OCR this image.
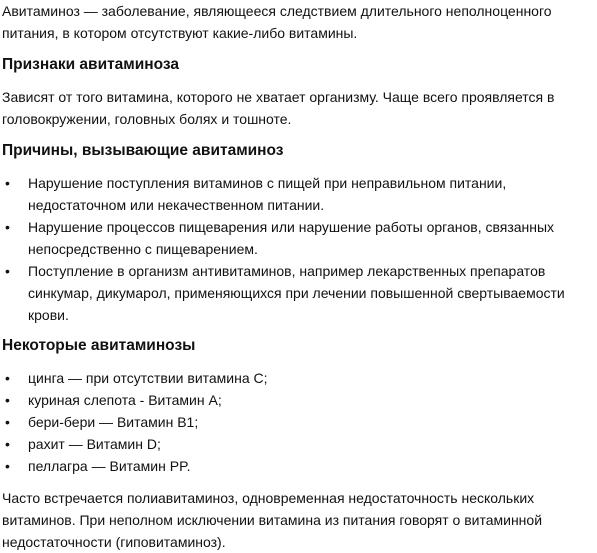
Авитаминоз — заболевание, являющееся следствием длительного неполноценного питания, в котором отсутствуют какие-либо витамины.

Признаки авитаминоза

Зависят от того витамина, которого не хватает организму. Чаще всего проявляется в головокружении, головных болях и тошноте.

Причины, вызывающие авитаминоз
• Нарушение поступления витаминов с пищей при неправильном питании, недостаточном или некачественном питании.
• Нарушение процессов пищеварения или нарушение работы органов, связанных непосредственно с пищеварением.
• Поступление в организм антивитаминов, например лекарственных препаратов синкумар, дикумарол, применяющихся при лечении повышенной свертываемости крови.
Некоторые авитаминозы
• цинга — при отсутствии витамина C;
• куриная слепота - Витамин A;
• бери-бери — Витамин B1;
• рахит — Витамин D;
• пеллагра — Витамин PP.

Часто встречается полиавитаминоз, одновременная недостаточность нескольких витаминов. При неполном исключении витамина из питания говорят о витаминной недостаточности (гиповитаминоз).
